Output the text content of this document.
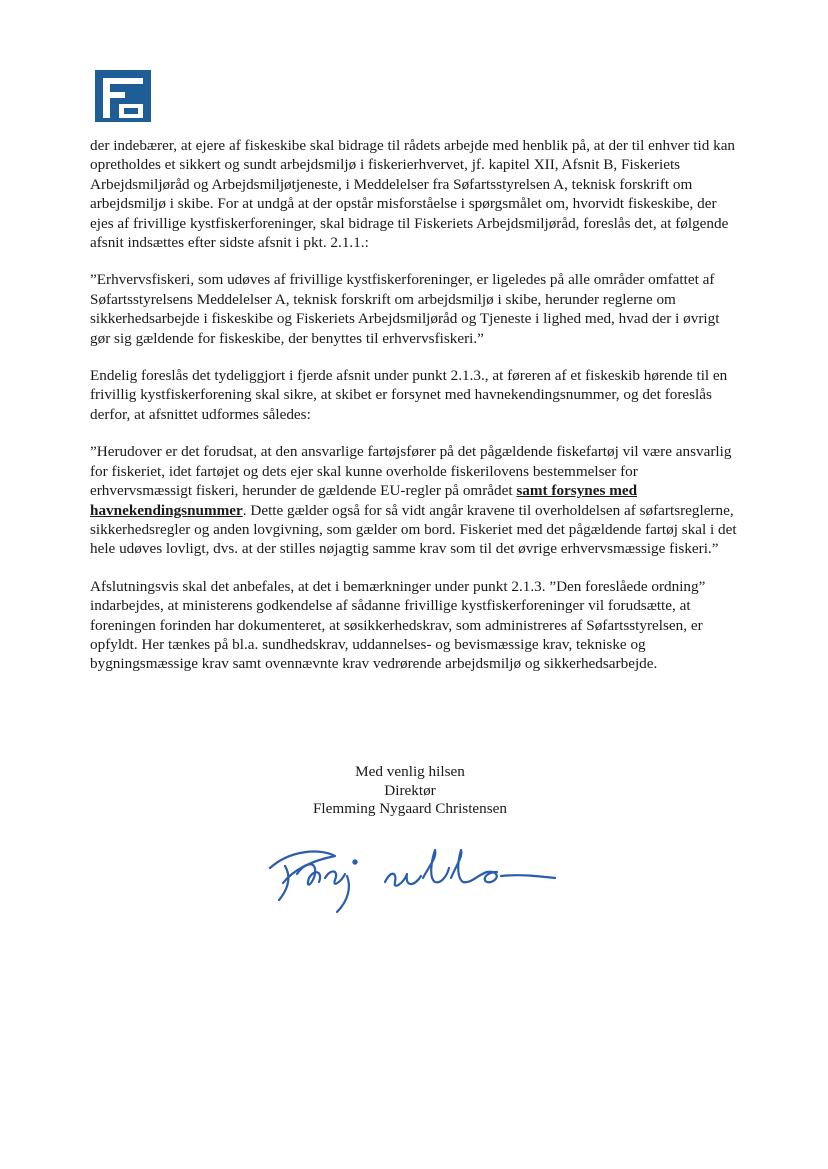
der indebærer, at ejere af fiskeskibe skal bidrage til rådets arbejde med henblik på, at der til enhver tid kan opretholdes et sikkert og sundt arbejdsmiljø i fiskerierhvervet, jf. kapitel XII, Afsnit B, Fiskeriets Arbejdsmiljøråd og Arbejdsmiljøtjeneste, i Meddelelser fra Søfartsstyrelsen A, teknisk forskrift om arbejdsmiljø i skibe. For at undgå at der opstår misforståelse i spørgsmålet om, hvorvidt fiskeskibe, der ejes af frivillige kystfiskerforeninger, skal bidrage til Fiskeriets Arbejdsmiljøråd, foreslås det, at følgende afsnit indsættes efter sidste afsnit i pkt. 2.1.1.:

”Erhvervsfiskeri, som udøves af frivillige kystfiskerforeninger, er ligeledes på alle områder omfattet af Søfartsstyrelsens Meddelelser A, teknisk forskrift om arbejdsmiljø i skibe, herunder reglerne om sikkerhedsarbejde i fiskeskibe og Fiskeriets Arbejdsmiljøråd og Tjeneste i lighed med, hvad der i øvrigt gør sig gældende for fiskeskibe, der benyttes til erhvervsfiskeri.”

Endelig foreslås det tydeliggjort i fjerde afsnit under punkt 2.1.3., at føreren af et fiskeskib hørende til en frivillig kystfiskerforening skal sikre, at skibet er forsynet med havnekendingsnummer, og det foreslås derfor, at afsnittet udformes således:

”Herudover er det forudsat, at den ansvarlige fartøjsfører på det pågældende fiskefartøj vil være ansvarlig for fiskeriet, idet fartøjet og dets ejer skal kunne overholde fiskerilovens bestemmelser for erhvervsmæssigt fiskeri, herunder de gældende EU-regler på området samt forsynes med havnekendingsnummer. Dette gælder også for så vidt angår kravene til overholdelsen af søfartsreglerne, sikkerhedsregler og anden lovgivning, som gælder om bord. Fiskeriet med det pågældende fartøj skal i det hele udøves lovligt, dvs. at der stilles nøjagtig samme krav som til det øvrige erhvervsmæssige fiskeri.”

Afslutningsvis skal det anbefales, at det i bemærkninger under punkt 2.1.3. ”Den foreslåede ordning” indarbejdes, at ministerens godkendelse af sådanne frivillige kystfiskerforeninger vil forudsætte, at foreningen forinden har dokumenteret, at søsikkerhedskrav, som administreres af Søfartsstyrelsen, er opfyldt. Her tænkes på bl.a. sundhedskrav, uddannelses- og bevismæssige krav, tekniske og bygningsmæssige krav samt ovennævnte krav vedrørende arbejdsmiljø og sikkerhedsarbejde.

Med venlig hilsen
Direktør
Flemming Nygaard Christensen
